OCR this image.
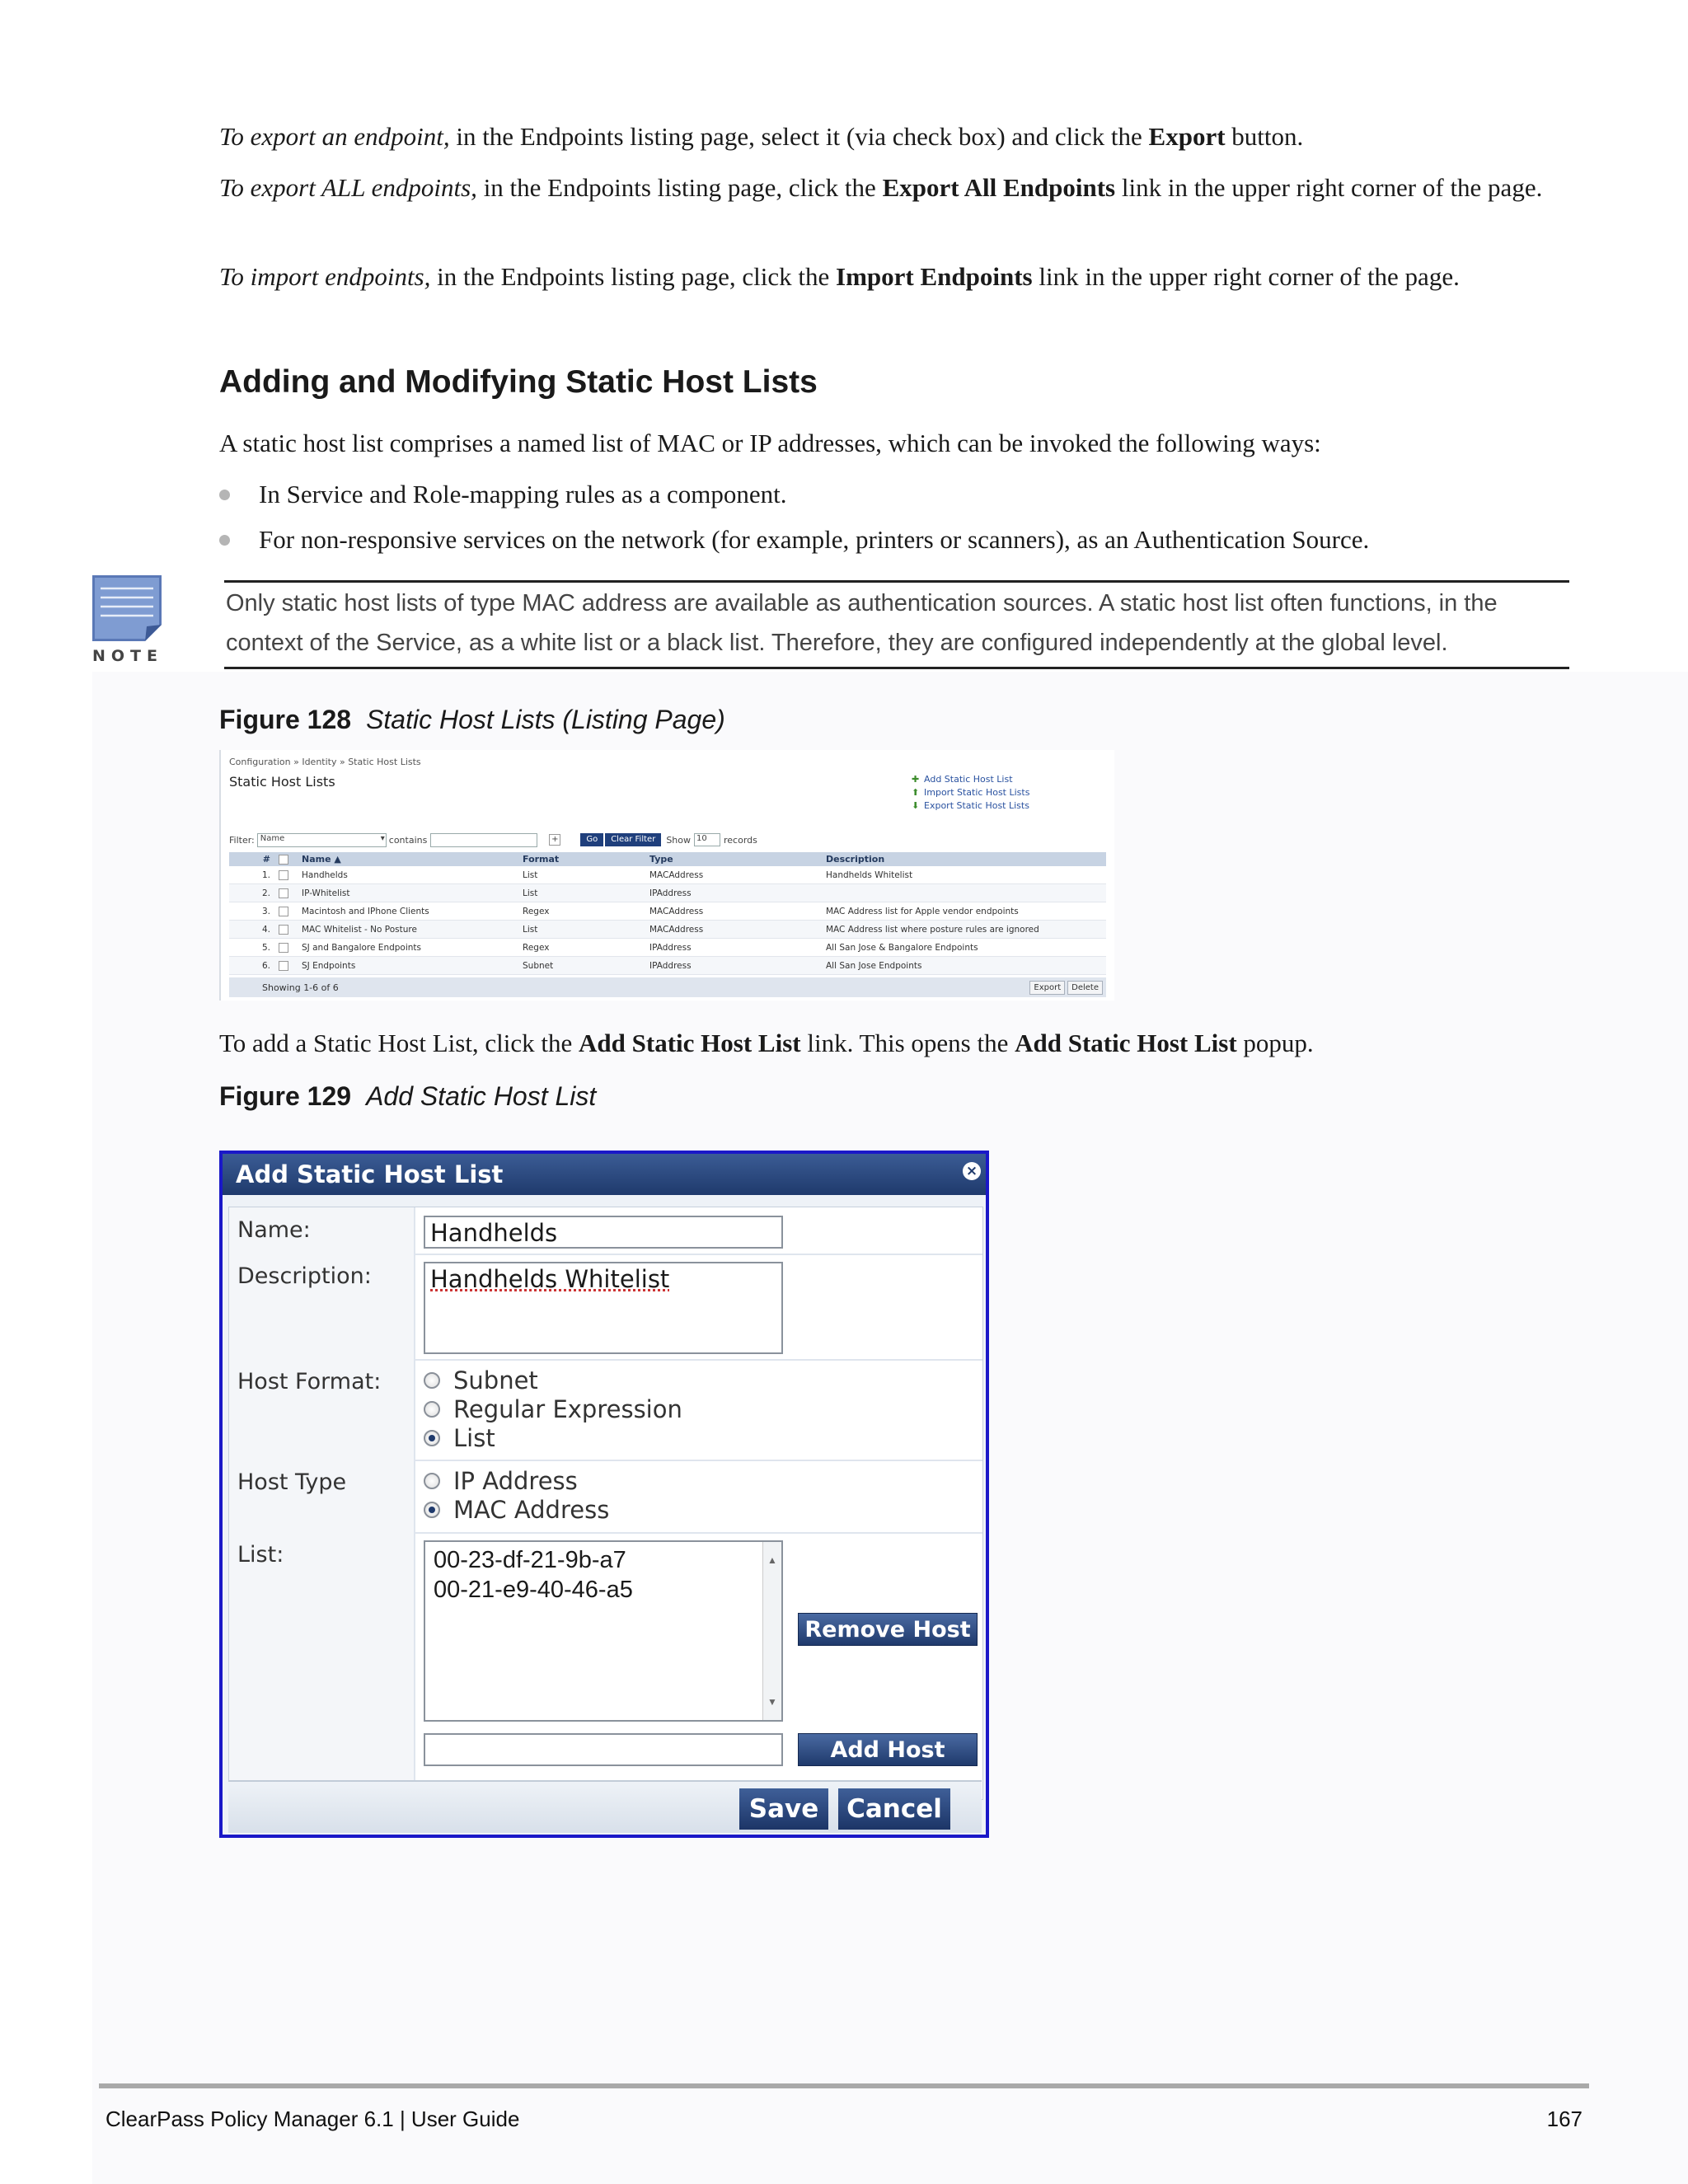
To export an endpoint, in the Endpoints listing page, select it (via check box) and click the Export button.

To export ALL endpoints, in the Endpoints listing page, click the Export All Endpoints link in the upper right corner of the page.

To import endpoints, in the Endpoints listing page, click the Import Endpoints link in the upper right corner of the page.

Adding and Modifying Static Host Lists

A static host list comprises a named list of MAC or IP addresses, which can be invoked the following ways:

In Service and Role-mapping rules as a component.
For non-responsive services on the network (for example, printers or scanners), as an Authentication Source.
NOTE

Only static host lists of type MAC address are available as authentication sources. A static host list often functions, in the

context of the Service, as a white list or a black list. Therefore, they are configured independently at the global level.

Figure 128 Static Host Lists (Listing Page)
Configuration » Identity » Static Host Lists
Static Host Lists	✚ Add Static Host List
⬆ Import Static Host Lists
⬇ Export Static Host Lists
Filter: Name ▾	contains	+	Go	Clear Filter	Show 10	records
#		Name ▲	Format	Type	Description
1.		Handhelds	List	MACAddress	Handhelds Whitelist
2.		IP-Whitelist	List	IPAddress	
3.		Macintosh and IPhone Clients	Regex	MACAddress	MAC Address list for Apple vendor endpoints
4.		MAC Whitelist - No Posture	List	MACAddress	MAC Address list where posture rules are ignored
5.		SJ and Bangalore Endpoints	Regex	IPAddress	All San Jose & Bangalore Endpoints
6.		SJ Endpoints	Subnet	IPAddress	All San Jose Endpoints
Showing 1-6 of 6	Export	Delete

To add a Static Host List, click the Add Static Host List link. This opens the Add Static Host List popup.

Figure 129 Add Static Host List
Add Static Host List	×
Name:	Handhelds
Description:	Handhelds Whitelist
Host Format:	Subnet
Regular Expression
List
Host Type	IP Address
MAC Address
List:	00-23-df-21-9b-a7
00-21-e9-40-46-a5
▲
▼
Remove Host
Add Host
Save	Cancel
ClearPass Policy Manager 6.1 | User Guide	167
